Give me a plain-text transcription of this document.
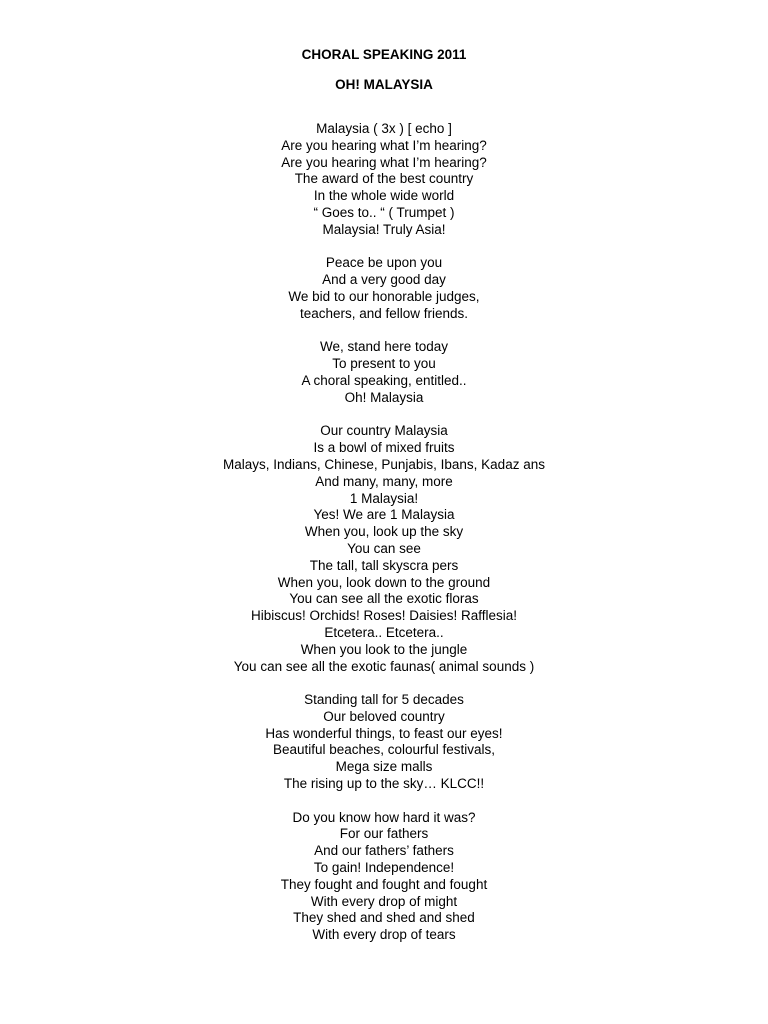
CHORAL SPEAKING 2011
OH! MALAYSIA
Malaysia ( 3x ) [ echo ]
Are you hearing what I’m hearing?
Are you hearing what I’m hearing?
The award of the best country
In the whole wide world
“ Goes to.. “ ( Trumpet )
Malaysia! Truly Asia!
Peace be upon you
And a very good day
We bid to our honorable judges,
teachers, and fellow friends.
We, stand here today
To present to you
A choral speaking, entitled..
Oh! Malaysia
Our country Malaysia
Is a bowl of mixed fruits
Malays, Indians, Chinese, Punjabis, Ibans, Kadaz ans
And many, many, more
1 Malaysia!
Yes! We are 1 Malaysia
When you, look up the sky
You can see
The tall, tall skyscra pers
When you, look down to the ground
You can see all the exotic floras
Hibiscus! Orchids! Roses! Daisies! Rafflesia!
Etcetera.. Etcetera..
When you look to the jungle
You can see all the exotic faunas( animal sounds )
Standing tall for 5 decades
Our beloved country
Has wonderful things, to feast our eyes!
Beautiful beaches, colourful festivals,
Mega size malls
The rising up to the sky… KLCC!!
Do you know how hard it was?
For our fathers
And our fathers’ fathers
To gain! Independence!
They fought and fought and fought
With every drop of might
They shed and shed and shed
With every drop of tears
